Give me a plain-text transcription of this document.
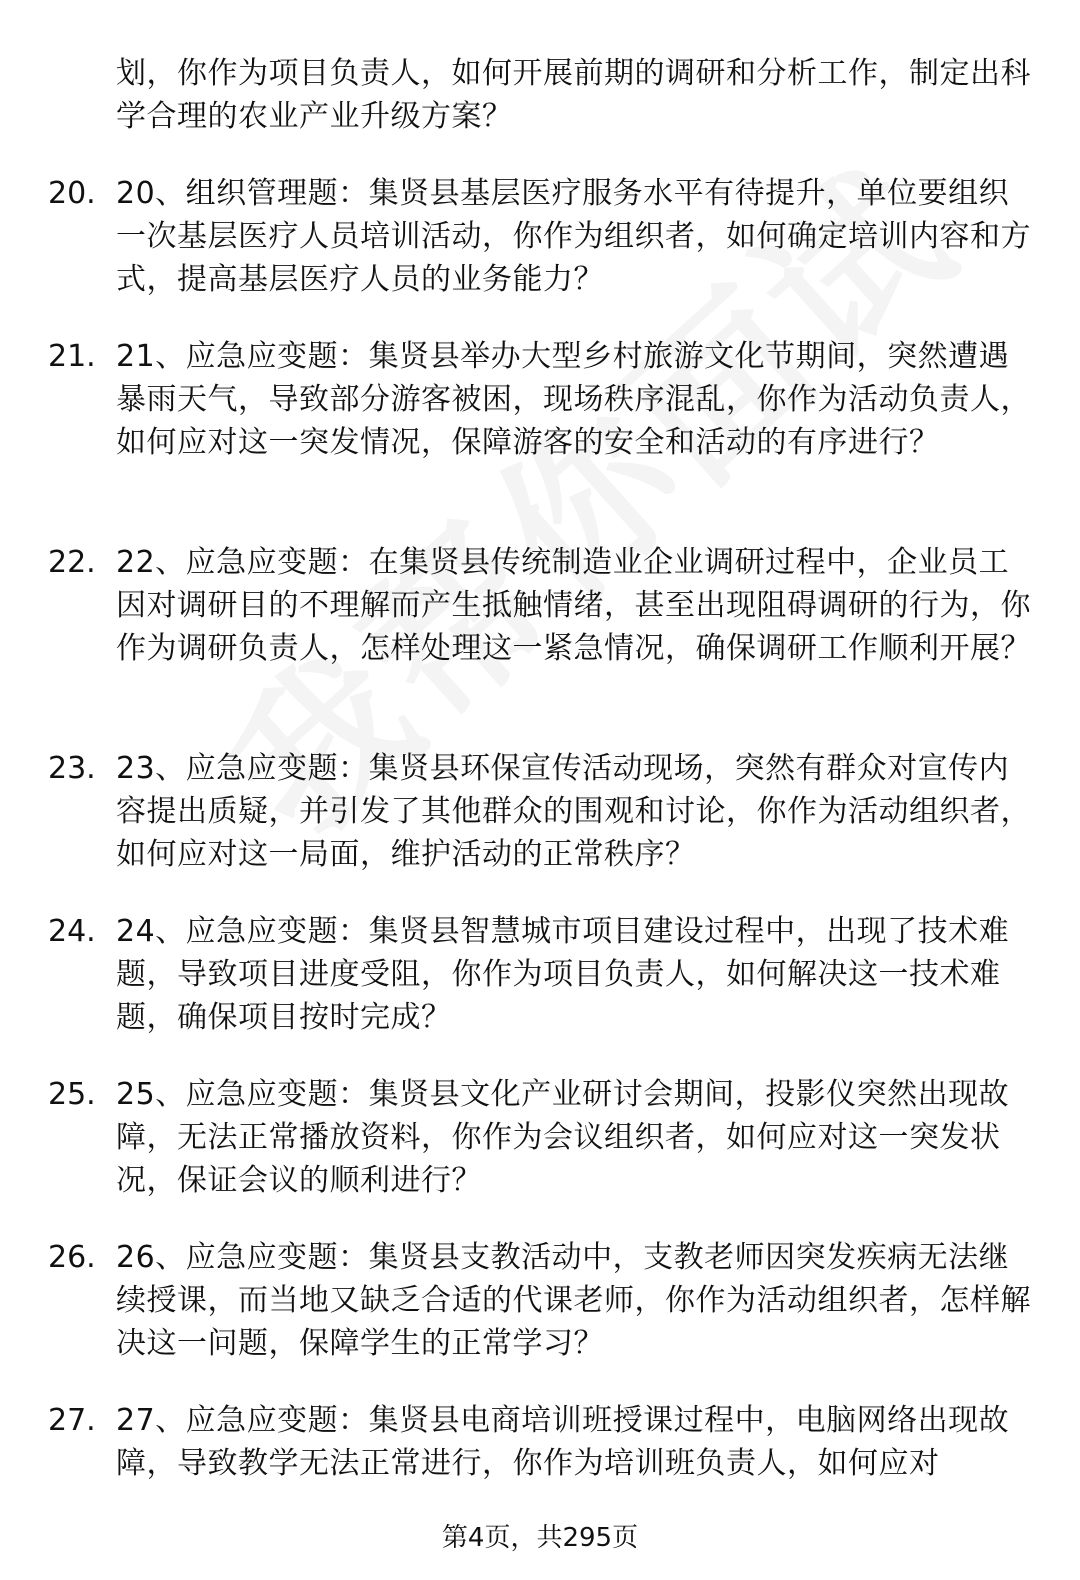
划，你作为项目负责人，如何开展前期的调研和分析工作，制定出科学合理的农业产业升级方案？
20. 20、组织管理题：集贤县基层医疗服务水平有待提升，单位要组织一次基层医疗人员培训活动，你作为组织者，如何确定培训内容和方式，提高基层医疗人员的业务能力？
21. 21、应急应变题：集贤县举办大型乡村旅游文化节期间，突然遭遇暴雨天气，导致部分游客被困，现场秩序混乱，你作为活动负责人，如何应对这一突发情况，保障游客的安全和活动的有序进行？
22. 22、应急应变题：在集贤县传统制造业企业调研过程中，企业员工因对调研目的不理解而产生抵触情绪，甚至出现阻碍调研的行为，你作为调研负责人，怎样处理这一紧急情况，确保调研工作顺利开展？
23. 23、应急应变题：集贤县环保宣传活动现场，突然有群众对宣传内容提出质疑，并引发了其他群众的围观和讨论，你作为活动组织者，如何应对这一局面，维护活动的正常秩序？
24. 24、应急应变题：集贤县智慧城市项目建设过程中，出现了技术难题，导致项目进度受阻，你作为项目负责人，如何解决这一技术难题，确保项目按时完成？
25. 25、应急应变题：集贤县文化产业研讨会期间，投影仪突然出现故障，无法正常播放资料，你作为会议组织者，如何应对这一突发状况，保证会议的顺利进行？
26. 26、应急应变题：集贤县支教活动中，支教老师因突发疾病无法继续授课，而当地又缺乏合适的代课老师，你作为活动组织者，怎样解决这一问题，保障学生的正常学习？
27. 27、应急应变题：集贤县电商培训班授课过程中，电脑网络出现故障，导致教学无法正常进行，你作为培训班负责人，如何应对
第4页，共295页
